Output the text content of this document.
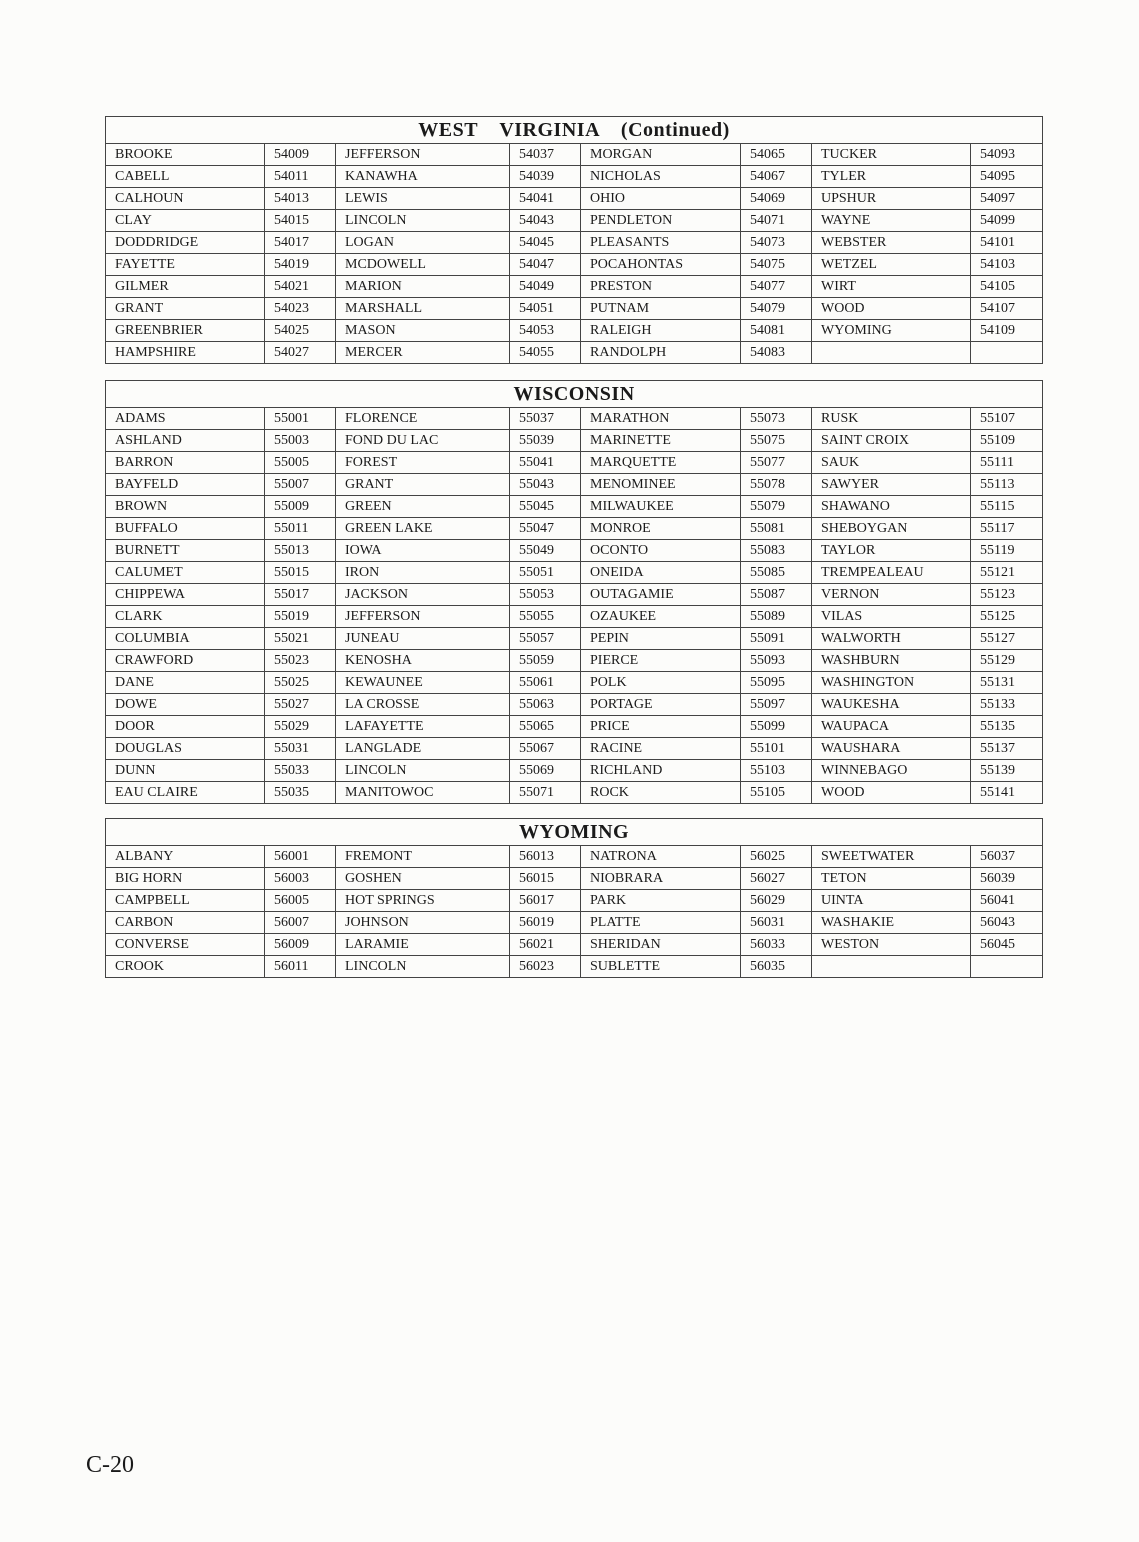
WEST    VIRGINIA    (Continued)							
BROOKE	54009	JEFFERSON	54037	MORGAN	54065	TUCKER	54093
CABELL	54011	KANAWHA	54039	NICHOLAS	54067	TYLER	54095
CALHOUN	54013	LEWIS	54041	OHIO	54069	UPSHUR	54097
CLAY	54015	LINCOLN	54043	PENDLETON	54071	WAYNE	54099
DODDRIDGE	54017	LOGAN	54045	PLEASANTS	54073	WEBSTER	54101
FAYETTE	54019	MCDOWELL	54047	POCAHONTAS	54075	WETZEL	54103
GILMER	54021	MARION	54049	PRESTON	54077	WIRT	54105
GRANT	54023	MARSHALL	54051	PUTNAM	54079	WOOD	54107
GREENBRIER	54025	MASON	54053	RALEIGH	54081	WYOMING	54109
HAMPSHIRE	54027	MERCER	54055	RANDOLPH	54083		
WISCONSIN							
ADAMS	55001	FLORENCE	55037	MARATHON	55073	RUSK	55107
ASHLAND	55003	FOND DU LAC	55039	MARINETTE	55075	SAINT CROIX	55109
BARRON	55005	FOREST	55041	MARQUETTE	55077	SAUK	55111
BAYFELD	55007	GRANT	55043	MENOMINEE	55078	SAWYER	55113
BROWN	55009	GREEN	55045	MILWAUKEE	55079	SHAWANO	55115
BUFFALO	55011	GREEN LAKE	55047	MONROE	55081	SHEBOYGAN	55117
BURNETT	55013	IOWA	55049	OCONTO	55083	TAYLOR	55119
CALUMET	55015	IRON	55051	ONEIDA	55085	TREMPEALEAU	55121
CHIPPEWA	55017	JACKSON	55053	OUTAGAMIE	55087	VERNON	55123
CLARK	55019	JEFFERSON	55055	OZAUKEE	55089	VILAS	55125
COLUMBIA	55021	JUNEAU	55057	PEPIN	55091	WALWORTH	55127
CRAWFORD	55023	KENOSHA	55059	PIERCE	55093	WASHBURN	55129
DANE	55025	KEWAUNEE	55061	POLK	55095	WASHINGTON	55131
DOWE	55027	LA CROSSE	55063	PORTAGE	55097	WAUKESHA	55133
DOOR	55029	LAFAYETTE	55065	PRICE	55099	WAUPACA	55135
DOUGLAS	55031	LANGLADE	55067	RACINE	55101	WAUSHARA	55137
DUNN	55033	LINCOLN	55069	RICHLAND	55103	WINNEBAGO	55139
EAU CLAIRE	55035	MANITOWOC	55071	ROCK	55105	WOOD	55141
WYOMING							
ALBANY	56001	FREMONT	56013	NATRONA	56025	SWEETWATER	56037
BIG HORN	56003	GOSHEN	56015	NIOBRARA	56027	TETON	56039
CAMPBELL	56005	HOT SPRINGS	56017	PARK	56029	UINTA	56041
CARBON	56007	JOHNSON	56019	PLATTE	56031	WASHAKIE	56043
CONVERSE	56009	LARAMIE	56021	SHERIDAN	56033	WESTON	56045
CROOK	56011	LINCOLN	56023	SUBLETTE	56035		
C-20
